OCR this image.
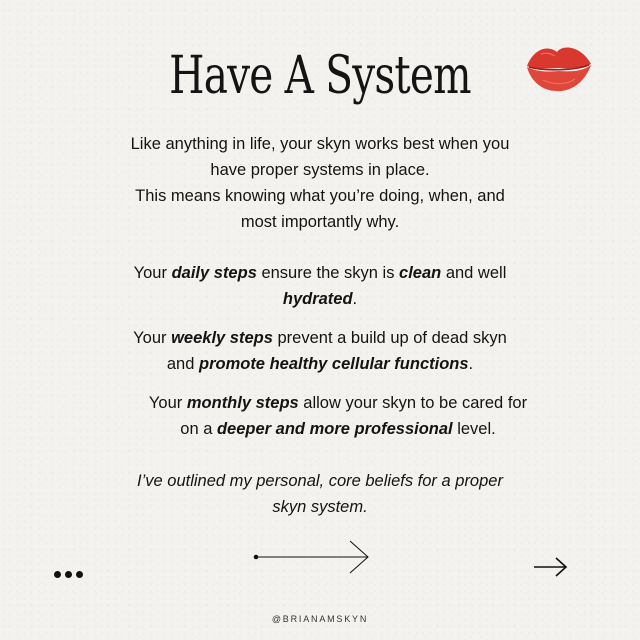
Have A System
Like anything in life, your skyn works best when you
have proper systems in place.
This means knowing what you’re doing, when, and
most importantly why.
Your daily steps ensure the skyn is clean and well
hydrated.
Your weekly steps prevent a build up of dead skyn
and promote healthy cellular functions.
Your monthly steps allow your skyn to be cared for
on a deeper and more professional level.
I’ve outlined my personal, core beliefs for a proper
skyn system.
@BRIANAMSKYN
